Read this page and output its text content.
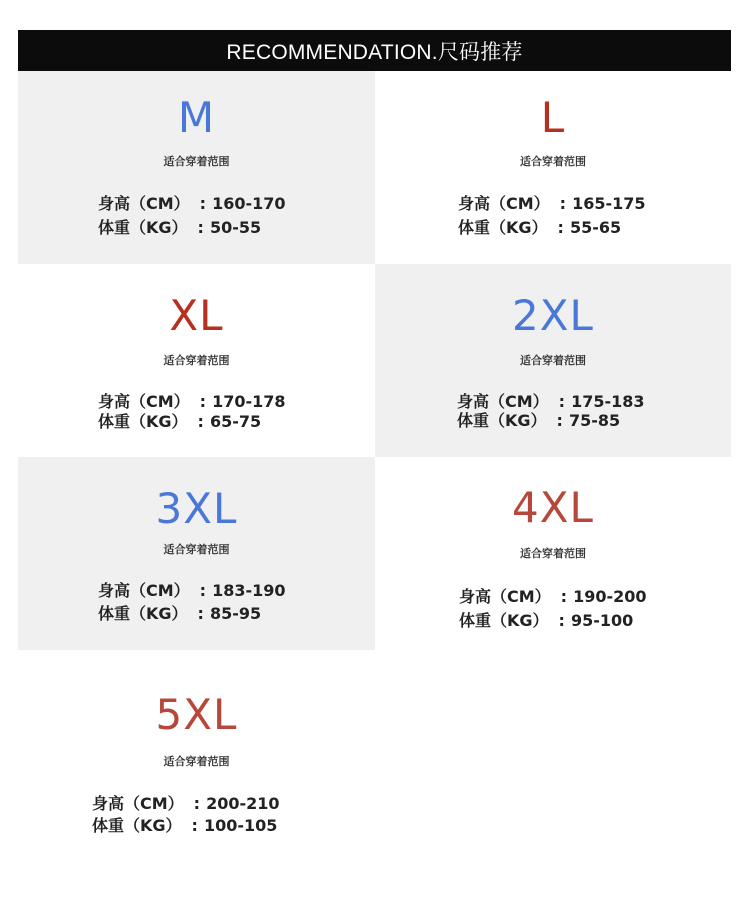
RECOMMENDATION.尺码推荐
M
适合穿着范围
身高（CM） : 160-170
体重（KG） : 50-55
L
适合穿着范围
身高（CM） : 165-175
体重（KG） : 55-65
XL
适合穿着范围
身高（CM） : 170-178
体重（KG） : 65-75
2XL
适合穿着范围
身高（CM） : 175-183
体重（KG） : 75-85
3XL
适合穿着范围
身高（CM） : 183-190
体重（KG） : 85-95
4XL
适合穿着范围
身高（CM） : 190-200
体重（KG） : 95-100
5XL
适合穿着范围
身高（CM） : 200-210
体重（KG） : 100-105
